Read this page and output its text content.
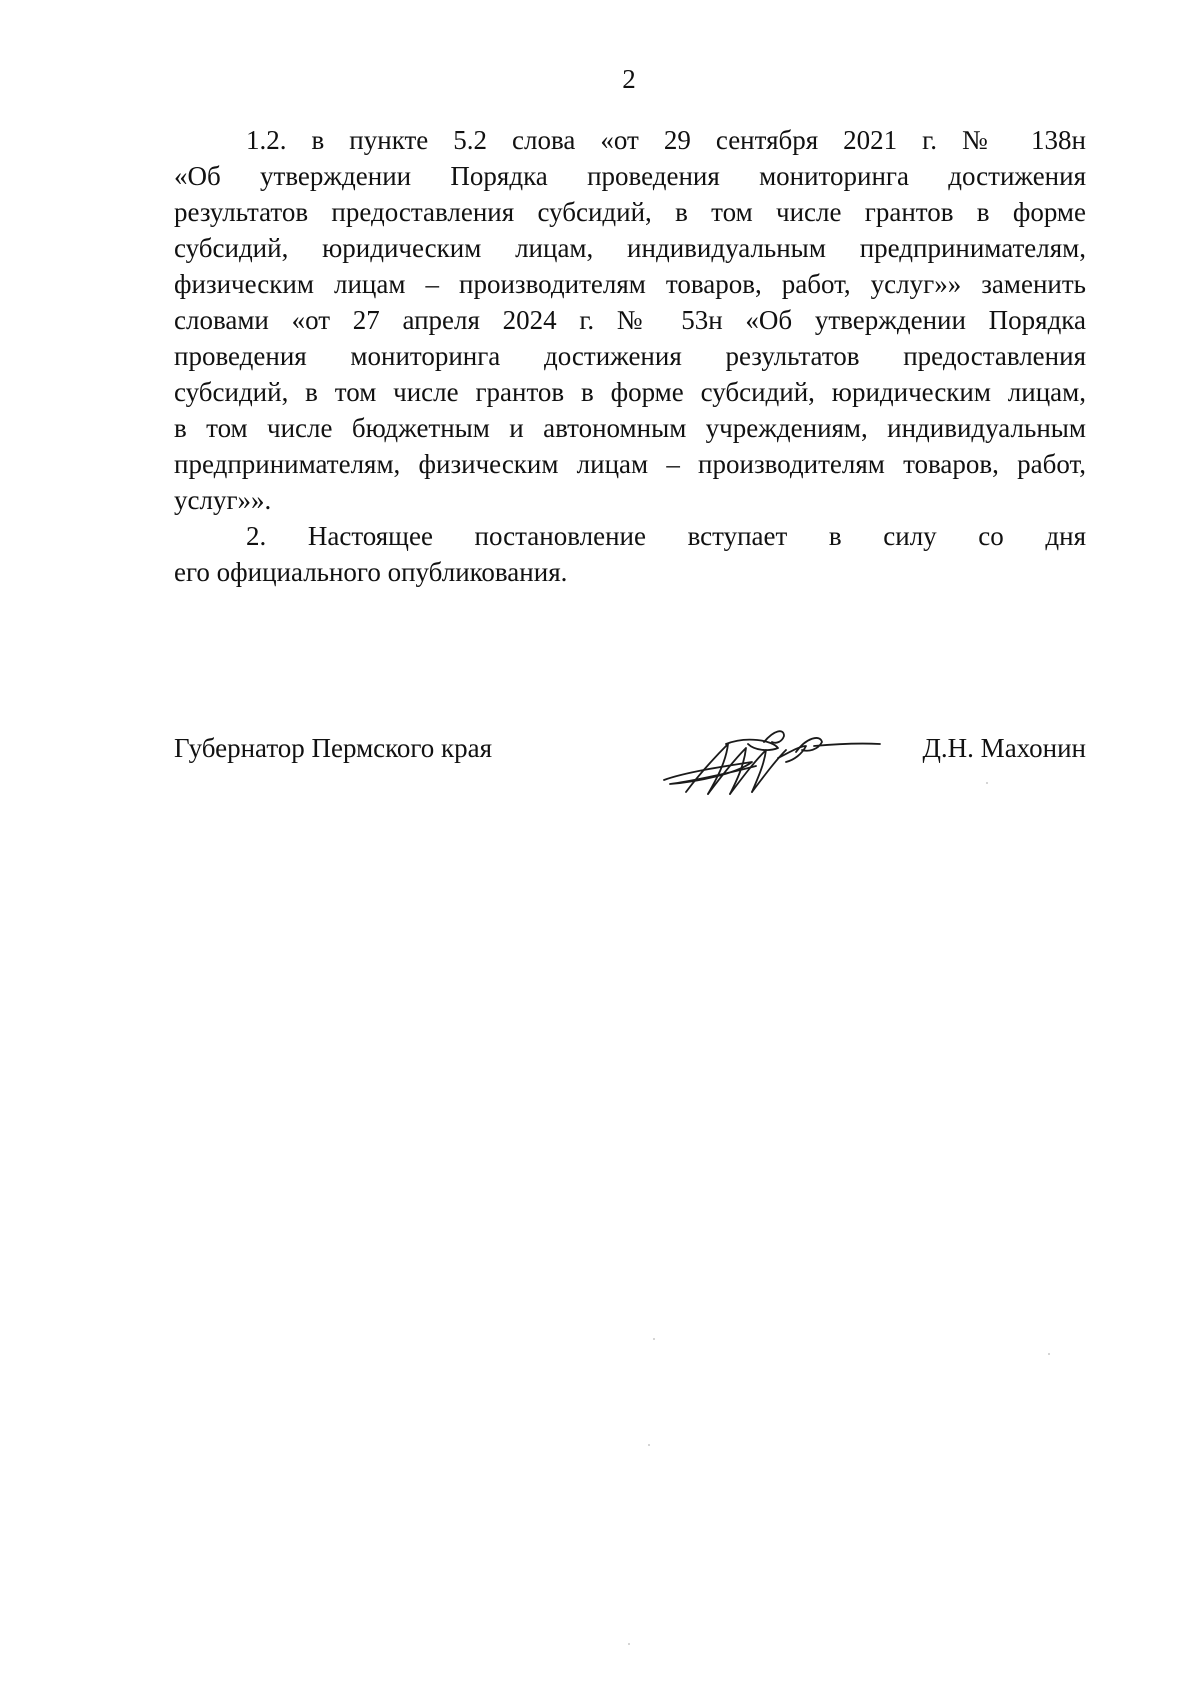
2
1.2. в пункте 5.2 слова «от 29 сентября 2021 г. № 138н
«Об утверждении Порядка проведения мониторинга достижения
результатов предоставления субсидий, в том числе грантов в форме
субсидий, юридическим лицам, индивидуальным предпринимателям,
физическим лицам – производителям товаров, работ, услуг»» заменить
словами «от 27 апреля 2024 г. № 53н «Об утверждении Порядка
проведения мониторинга достижения результатов предоставления
субсидий, в том числе грантов в форме субсидий, юридическим лицам,
в том числе бюджетным и автономным учреждениям, индивидуальным
предпринимателям, физическим лицам – производителям товаров, работ,
услуг»».
2. Настоящее постановление вступает в силу со дня
его официального опубликования.
Губернатор Пермского края	Д.Н. Махонин
